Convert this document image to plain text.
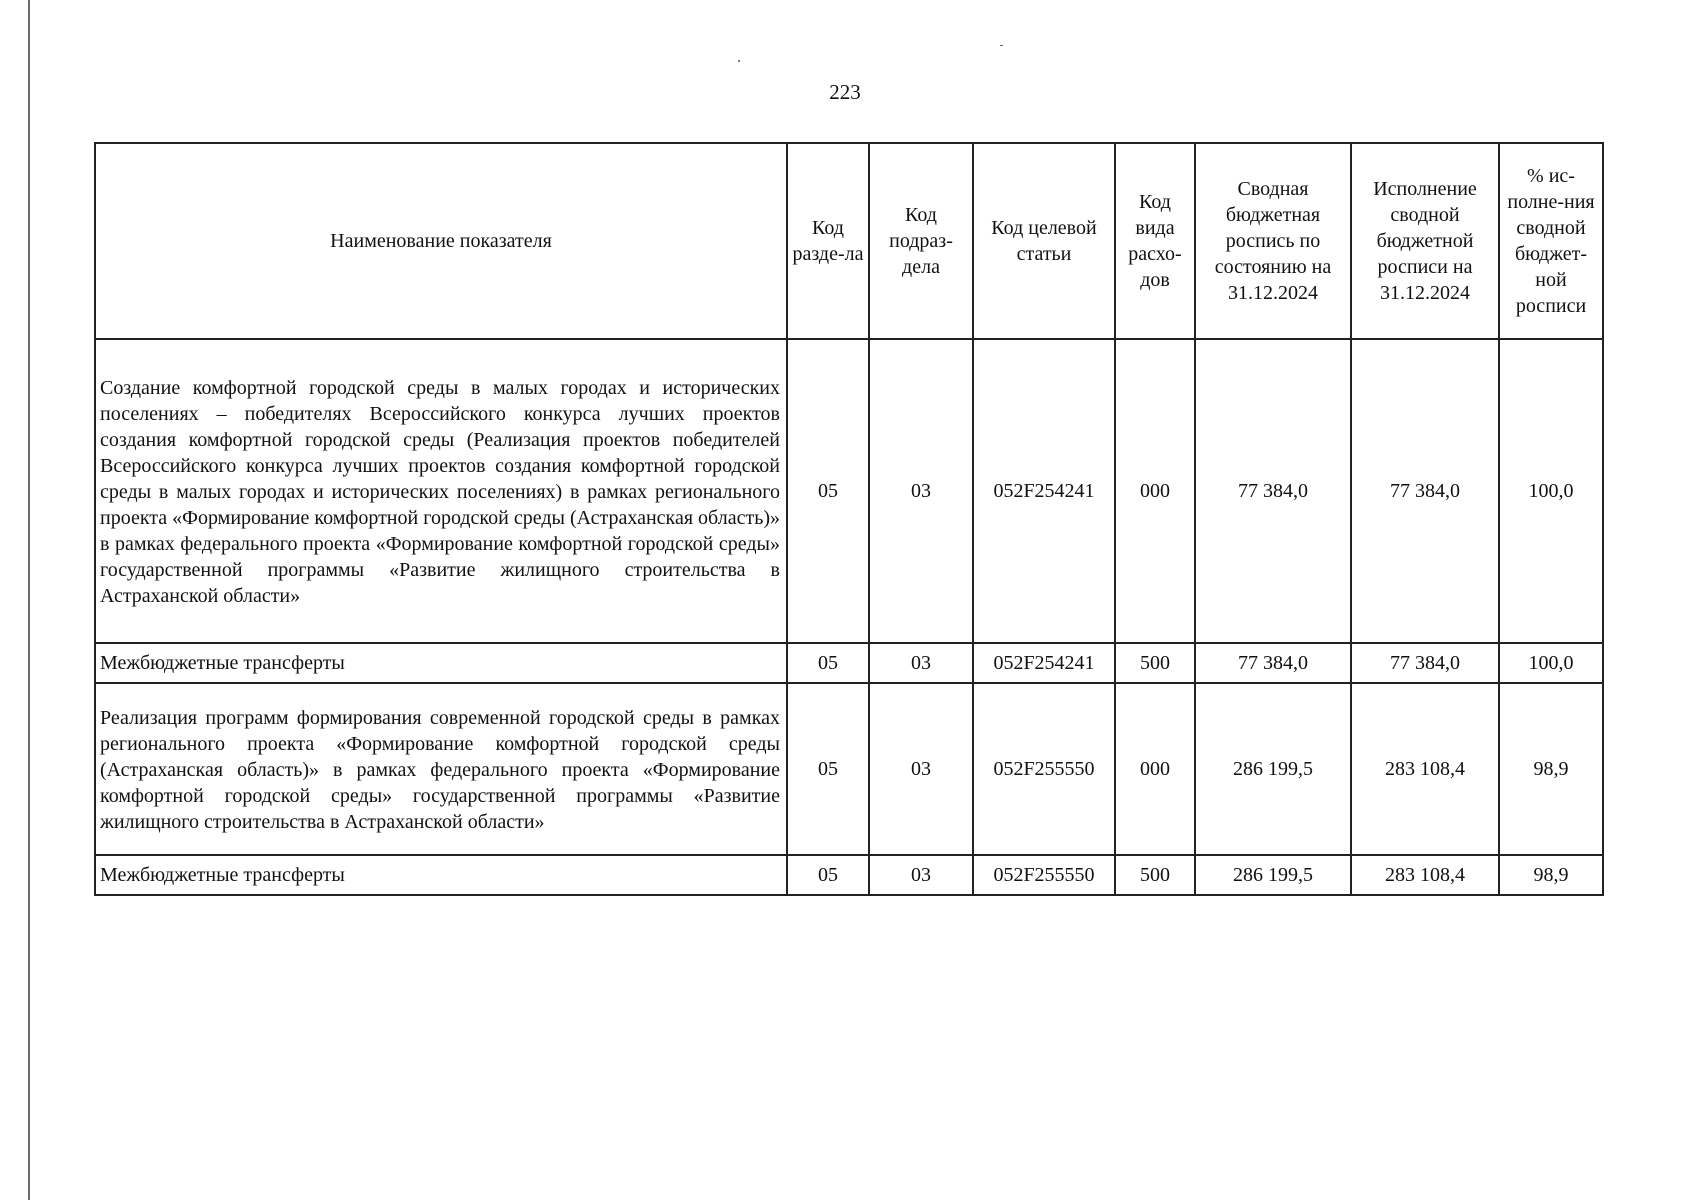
223
Наименование показателя	Код разде-ла	Код подраз-дела	Код целевой статьи	Код вида расхо-дов	Сводная бюджетная роспись по состоянию на 31.12.2024	Исполнение сводной бюджетной росписи на 31.12.2024	% ис-полне-ния сводной бюджет-ной росписи
Создание комфортной городской среды в малых городах и исторических поселениях – победителях Всероссийского конкурса лучших проектов создания комфортной городской среды (Реализация проектов победителей Всероссийского конкурса лучших проектов создания комфортной городской среды в малых городах и исторических поселениях) в рамках регионального проекта «Формирование комфортной городской среды (Астраханская область)» в рамках федерального проекта «Формирование комфортной городской среды» государственной программы «Развитие жилищного строительства в Астраханской области»	05	03	052F254241	000	77 384,0	77 384,0	100,0
Межбюджетные трансферты	05	03	052F254241	500	77 384,0	77 384,0	100,0
Реализация программ формирования современной городской среды в рамках регионального проекта «Формирование комфортной городской среды (Астраханская область)» в рамках федерального проекта «Формирование комфортной городской среды» государственной программы «Развитие жилищного строительства в Астраханской области»	05	03	052F255550	000	286 199,5	283 108,4	98,9
Межбюджетные трансферты	05	03	052F255550	500	286 199,5	283 108,4	98,9
